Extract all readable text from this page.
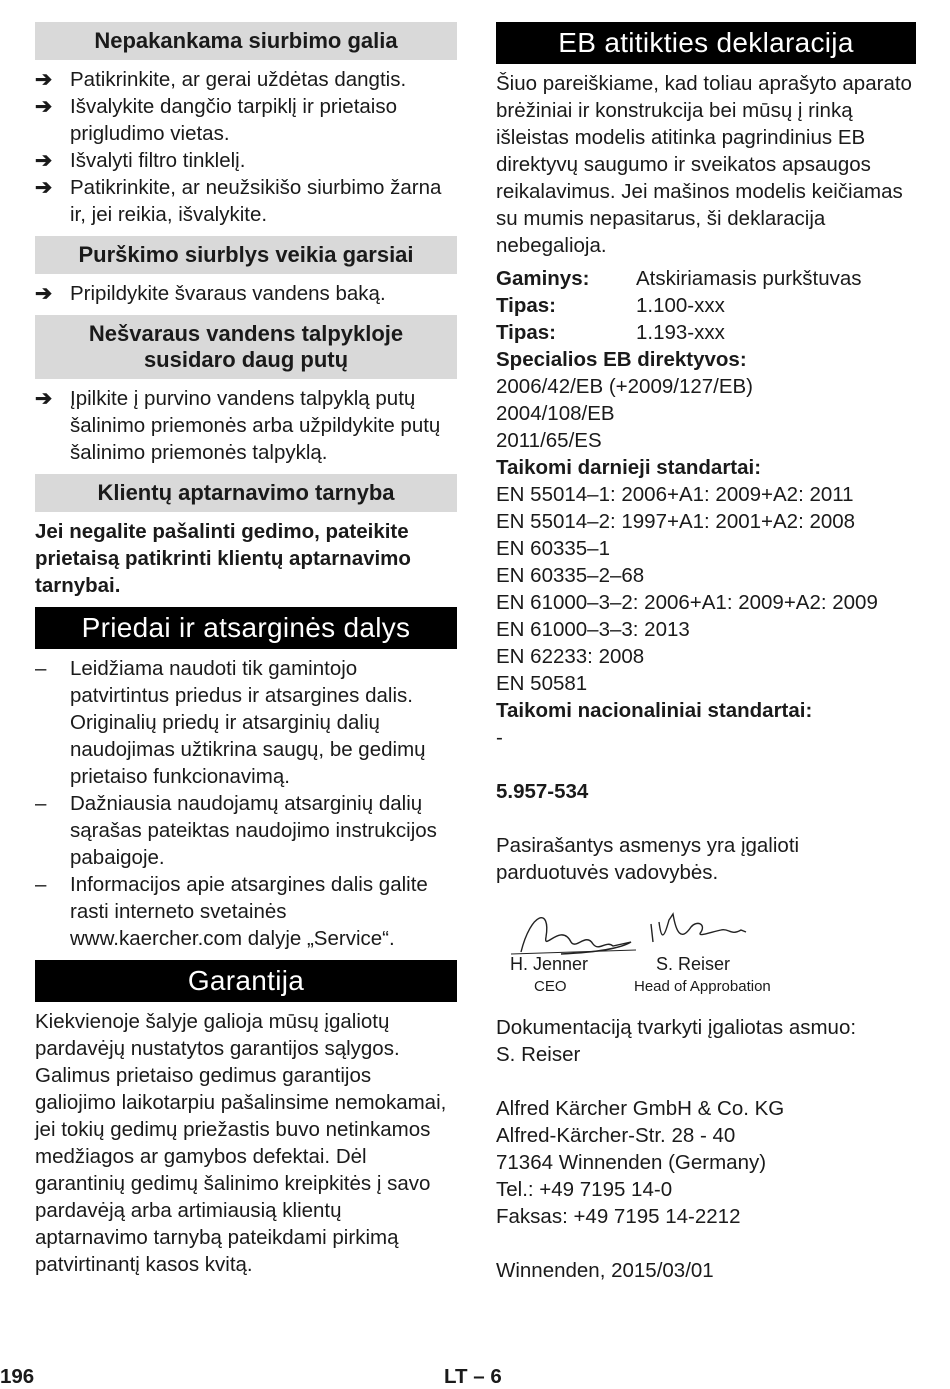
Nepakankama siurbimo galia
➔ Patikrinkite, ar gerai uždėtas dangtis.
➔ Išvalykite dangčio tarpiklį ir prietaiso prigludimo vietas.
➔ Išvalyti filtro tinklelį.
➔ Patikrinkite, ar neužsikišo siurbimo žarna ir, jei reikia, išvalykite.
Purškimo siurblys veikia garsiai
➔ Pripildykite švaraus vandens baką.
Nešvaraus vandens talpykloje
susidaro daug putų
➔ Įpilkite į purvino vandens talpyklą putų šalinimo priemonės arba užpildykite putų šalinimo priemonės talpyklą.
Klientų aptarnavimo tarnyba

Jei negalite pašalinti gedimo, pateikite prietaisą patikrinti klientų aptarnavimo tarnybai.

Priedai ir atsarginės dalys
– Leidžiama naudoti tik gamintojo patvirtintus priedus ir atsargines dalis. Originalių priedų ir atsarginių dalių naudojimas užtikrina saugų, be gedimų prietaiso funkcionavimą.
– Dažniausia naudojamų atsarginių dalių sąrašas pateiktas naudojimo instrukcijos pabaigoje.
– Informacijos apie atsargines dalis galite rasti interneto svetainės www.kaercher.com dalyje „Service“.
Garantija

Kiekvienoje šalyje galioja mūsų įgaliotų pardavėjų nustatytos garantijos sąlygos. Galimus prietaiso gedimus garantijos galiojimo laikotarpiu pašalinsime nemokamai, jei tokių gedimų priežastis buvo netinkamos medžiagos ar gamybos defektai. Dėl garantinių gedimų šalinimo kreipkitės į savo pardavėją arba artimiausią klientų aptarnavimo tarnybą pateikdami pirkimą patvirtinantį kasos kvitą.

EB atitikties deklaracija

Šiuo pareiškiame, kad toliau aprašyto aparato brėžiniai ir konstrukcija bei mūsų į rinką išleistas modelis atitinka pagrindinius EB direktyvų saugumo ir sveikatos apsaugos reikalavimus. Jei mašinos modelis keičiamas su mumis nepasitarus, ši deklaracija nebegalioja.

Gaminys:	Atskiriamasis purkštuvas
Tipas:	1.100-xxx
Tipas:	1.193-xxx
Specialios EB direktyvos:
2006/42/EB (+2009/127/EB)
2004/108/EB
2011/65/ES
Taikomi darnieji standartai:
EN 55014–1: 2006+A1: 2009+A2: 2011
EN 55014–2: 1997+A1: 2001+A2: 2008
EN 60335–1
EN 60335–2–68
EN 61000–3–2: 2006+A1: 2009+A2: 2009
EN 61000–3–3: 2013
EN 62233: 2008
EN 50581
Taikomi nacionaliniai standartai:
-
5.957-534

Pasirašantys asmenys yra įgalioti parduotuvės vadovybės.

H. Jenner
CEO
S. Reiser
Head of Approbation
Dokumentaciją tvarkyti įgaliotas asmuo:
S. Reiser
Alfred Kärcher GmbH & Co. KG
Alfred-Kärcher-Str. 28 - 40
71364 Winnenden (Germany)
Tel.: +49 7195 14-0
Faksas: +49 7195 14-2212
Winnenden, 2015/03/01
196	LT – 6
